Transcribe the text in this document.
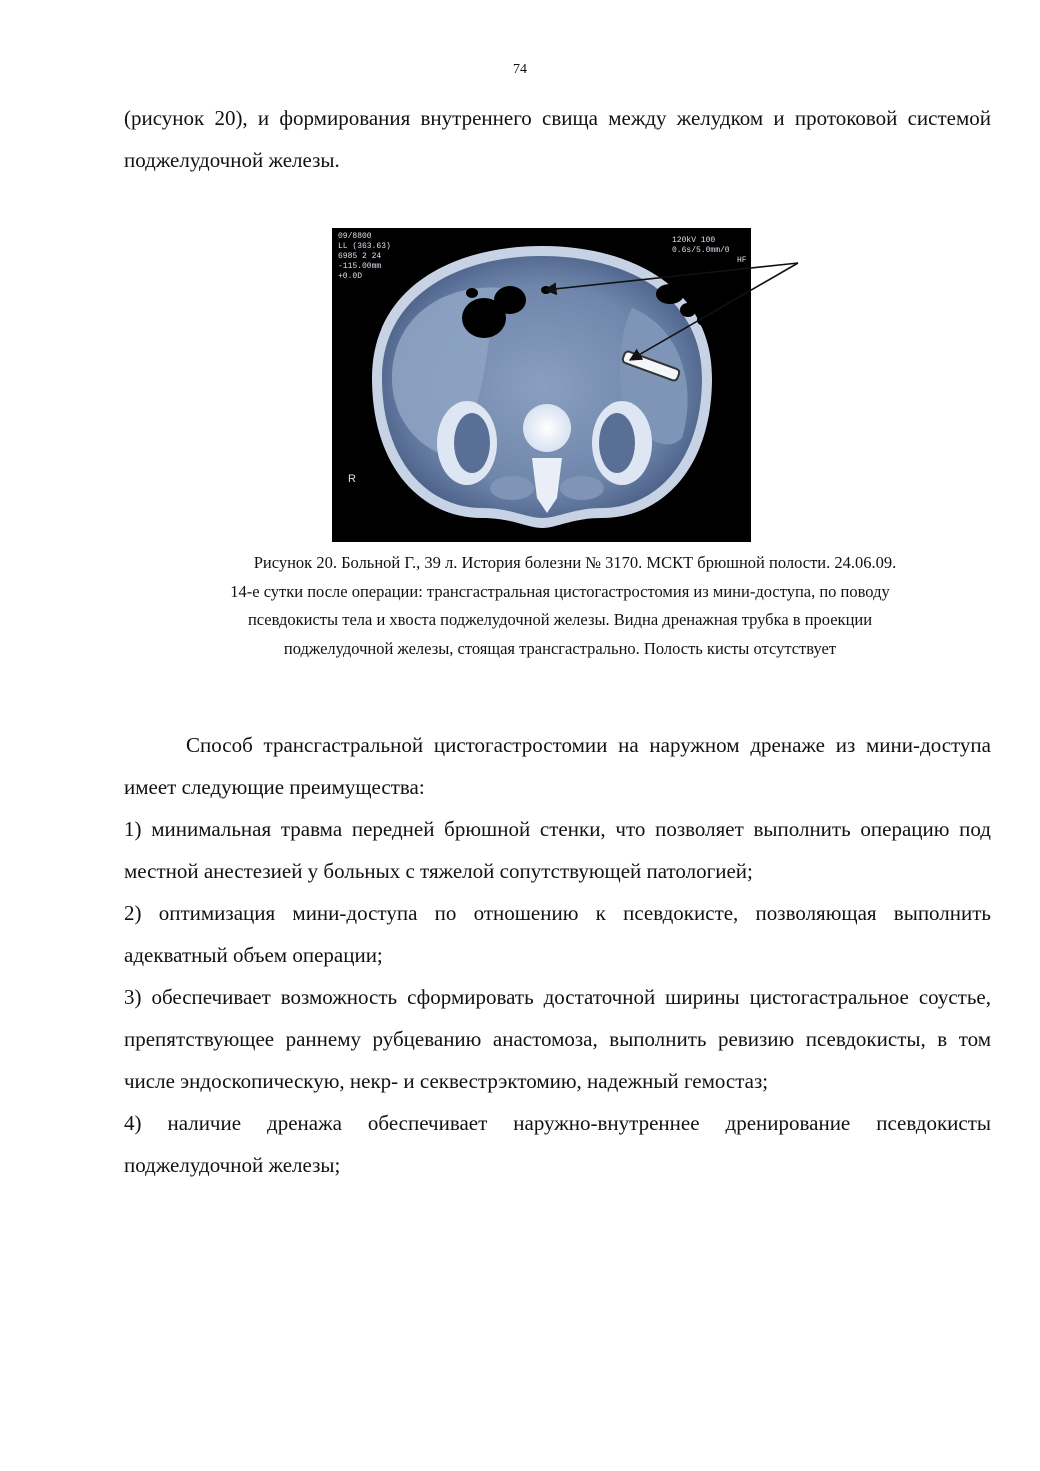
74

(рисунок 20), и формирования внутреннего свища между желудком и протоковой системой поджелудочной железы.

09/8800
LL (363.63)
6985 2 24
-115.00mm
+0.0D
120kV 100
0.6s/5.0mm/0
HF
R

Рисунок 20. Больной Г., 39 л. История болезни № 3170. МСКТ брюшной полости. 24.06.09.

14-е сутки после операции: трансгастральная цистогастростомия из мини-доступа, по поводу

псевдокисты тела и хвоста поджелудочной железы. Видна дренажная трубка в проекции

поджелудочной железы, стоящая трансгастрально. Полость кисты отсутствует

Способ трансгастральной цистогастростомии на наружном дренаже из мини-доступа имеет следующие преимущества:

1) минимальная травма передней брюшной стенки, что позволяет выполнить операцию под местной анестезией у больных с тяжелой сопутствующей патологией;

2) оптимизация мини-доступа по отношению к псевдокисте, позволяющая выполнить адекватный объем операции;

3) обеспечивает возможность сформировать достаточной ширины цистогастральное соустье, препятствующее раннему рубцеванию анастомоза, выполнить ревизию псевдокисты, в том числе эндоскопическую, некр- и секвестрэктомию, надежный гемостаз;

4) наличие дренажа обеспечивает наружно-внутреннее дренирование псевдокисты поджелудочной железы;
